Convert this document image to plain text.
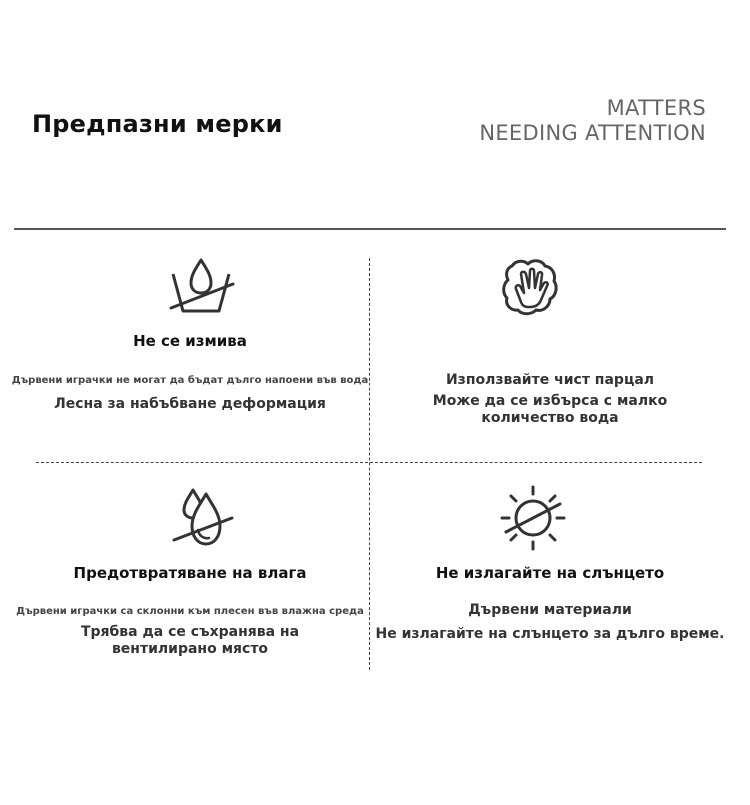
Предпазни мерки
MATTERS
NEEDING ATTENTION
Не се измива
Дървени играчки не могат да бъдат дълго напоени във вода
Лесна за набъбване деформация
Използвайте чист парцал
Може да се избърса с малко
количество вода
Предотвратяване на влага
Дървени играчки са склонни към плесен във влажна среда
Трябва да се съхранява на
вентилирано място
Не излагайте на слънцето
Дървени материали
Не излагайте на слънцето за дълго време.
